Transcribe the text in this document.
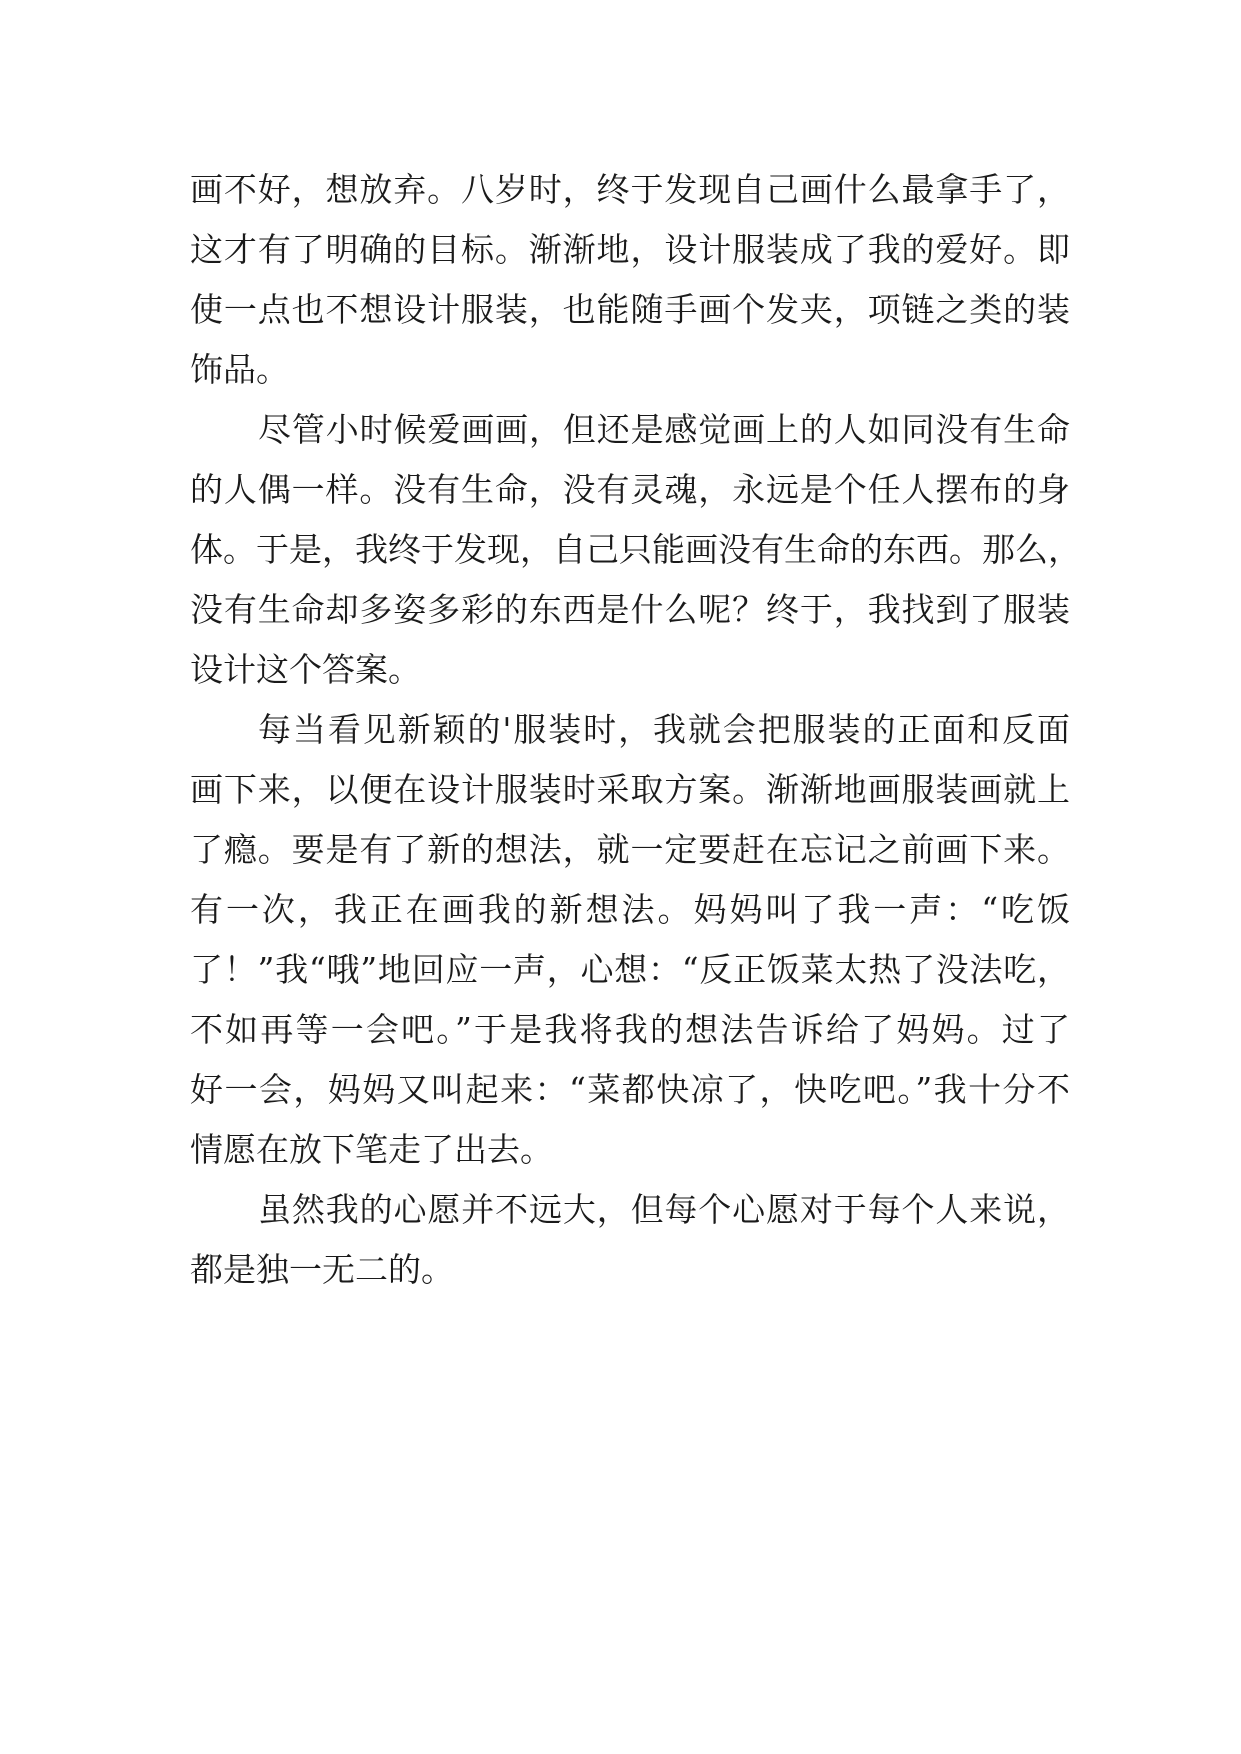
画不好，想放弃。八岁时，终于发现自己画什么最拿手了，
这才有了明确的目标。渐渐地，设计服装成了我的爱好。即
使一点也不想设计服装，也能随手画个发夹，项链之类的装
饰品。
尽管小时候爱画画，但还是感觉画上的人如同没有生命
的人偶一样。没有生命，没有灵魂，永远是个任人摆布的身
体。于是，我终于发现，自己只能画没有生命的东西。那么，
没有生命却多姿多彩的东西是什么呢？终于，我找到了服装
设计这个答案。
每当看见新颖的'服装时，我就会把服装的正面和反面
画下来，以便在设计服装时采取方案。渐渐地画服装画就上
了瘾。要是有了新的想法，就一定要赶在忘记之前画下来。
有一次，我正在画我的新想法。妈妈叫了我一声：“吃饭
了！”我“哦”地回应一声，心想：“反正饭菜太热了没法吃，
不如再等一会吧。”于是我将我的想法告诉给了妈妈。过了
好一会，妈妈又叫起来：“菜都快凉了，快吃吧。”我十分不
情愿在放下笔走了出去。
虽然我的心愿并不远大，但每个心愿对于每个人来说，
都是独一无二的。
